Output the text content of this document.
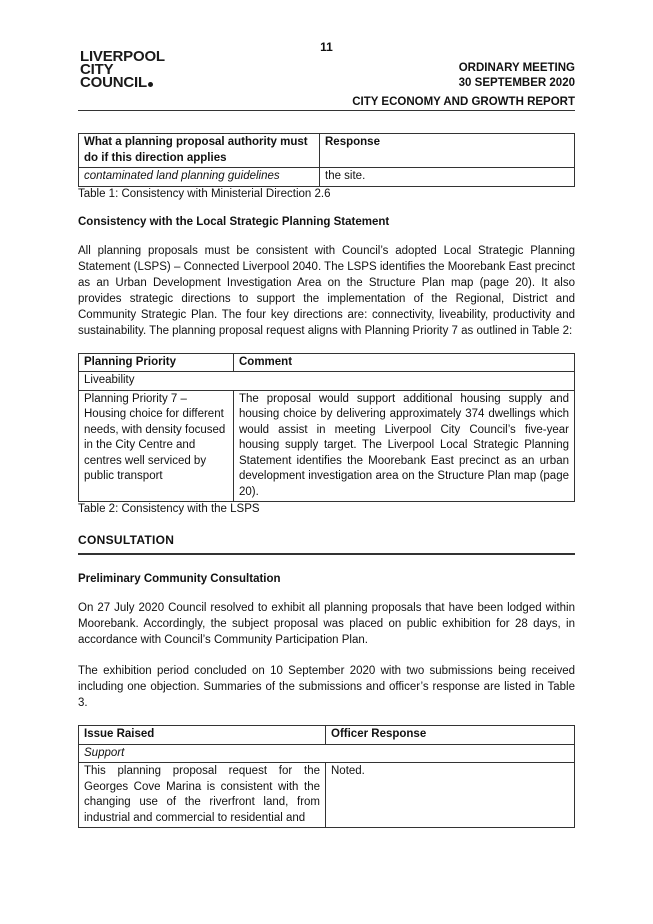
11
LIVERPOOL
CITY
COUNCIL
ORDINARY MEETING
30 SEPTEMBER 2020
CITY ECONOMY AND GROWTH REPORT
What a planning proposal authority must do if this direction applies	Response
contaminated land planning guidelines	the site.

Table 1: Consistency with Ministerial Direction 2.6

Consistency with the Local Strategic Planning Statement

All planning proposals must be consistent with Council’s adopted Local Strategic Planning Statement (LSPS) – Connected Liverpool 2040. The LSPS identifies the Moorebank East precinct as an Urban Development Investigation Area on the Structure Plan map (page 20). It also provides strategic directions to support the implementation of the Regional, District and Community Strategic Plan. The four key directions are: connectivity, liveability, productivity and sustainability. The planning proposal request aligns with Planning Priority 7 as outlined in Table 2:

Planning Priority	Comment
Liveability	
Planning Priority 7 – Housing choice for different needs, with density focused in the City Centre and centres well serviced by public transport	The proposal would support additional housing supply and housing choice by delivering approximately 374 dwellings which would assist in meeting Liverpool City Council’s five-year housing supply target. The Liverpool Local Strategic Planning Statement identifies the Moorebank East precinct as an urban development investigation area on the Structure Plan map (page 20).

Table 2: Consistency with the LSPS

CONSULTATION

Preliminary Community Consultation

On 27 July 2020 Council resolved to exhibit all planning proposals that have been lodged within Moorebank. Accordingly, the subject proposal was placed on public exhibition for 28 days, in accordance with Council’s Community Participation Plan.

The exhibition period concluded on 10 September 2020 with two submissions being received including one objection. Summaries of the submissions and officer’s response are listed in Table 3.

Issue Raised	Officer Response
Support	
This planning proposal request for the Georges Cove Marina is consistent with the changing use of the riverfront land, from industrial and commercial to residential and	Noted.
